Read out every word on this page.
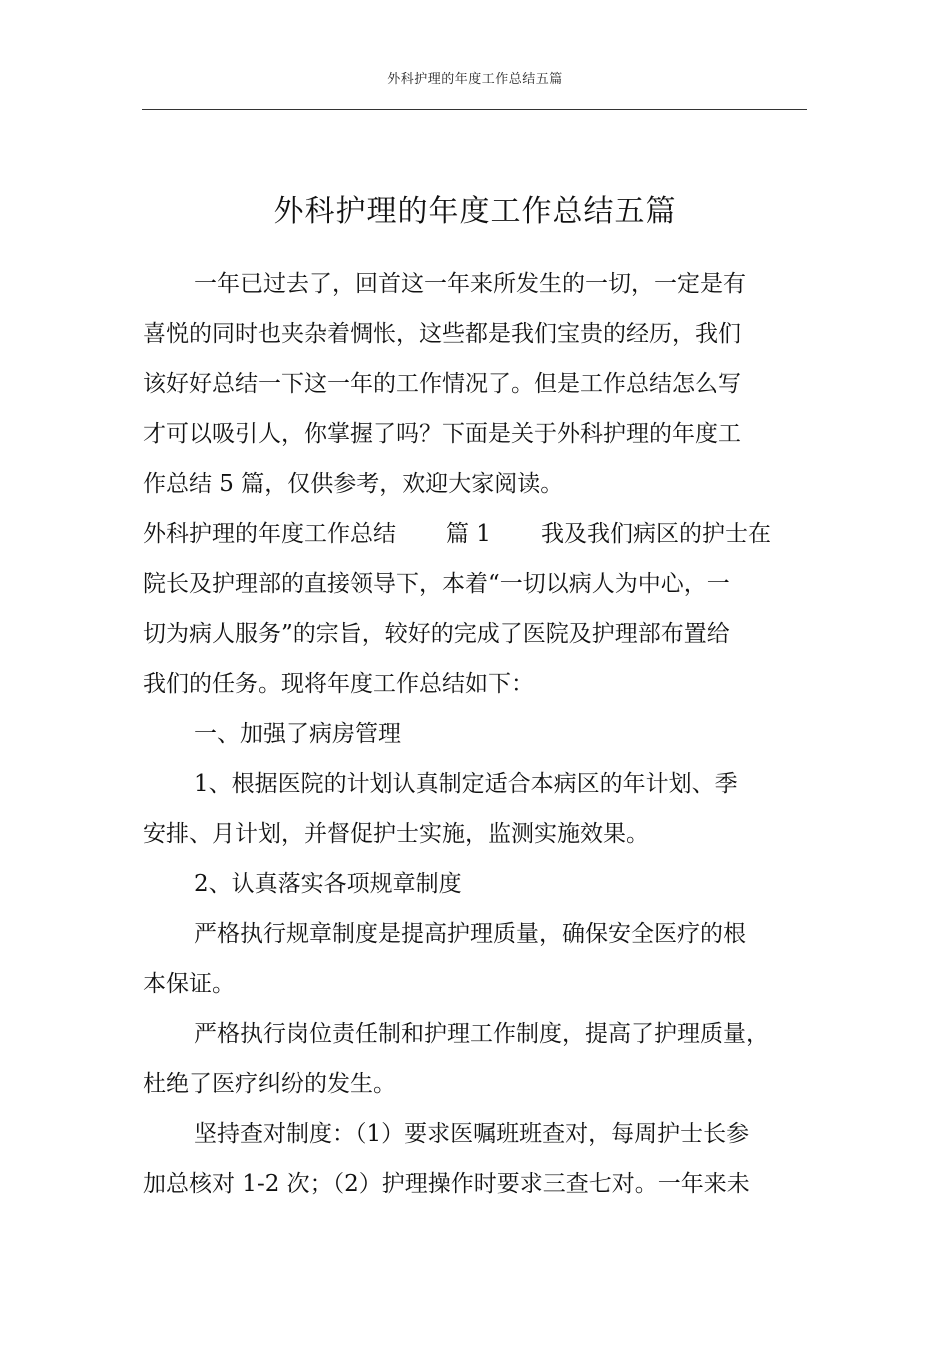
外科护理的年度工作总结五篇
外科护理的年度工作总结五篇
一年已过去了，回首这一年来所发生的一切，一定是有
喜悦的同时也夹杂着惆怅，这些都是我们宝贵的经历，我们
该好好总结一下这一年的工作情况了。但是工作总结怎么写
才可以吸引人，你掌握了吗？下面是关于外科护理的年度工
作总结 5 篇，仅供参考，欢迎大家阅读。
外科护理的年度工作总结 篇 1 我及我们病区的护士在
院长及护理部的直接领导下，本着“一切以病人为中心，一
切为病人服务”的宗旨，较好的完成了医院及护理部布置给
我们的任务。现将年度工作总结如下：
一、加强了病房管理
1、根据医院的计划认真制定适合本病区的年计划、季
安排、月计划，并督促护士实施，监测实施效果。
2、认真落实各项规章制度
严格执行规章制度是提高护理质量，确保安全医疗的根
本保证。
严格执行岗位责任制和护理工作制度，提高了护理质量，
杜绝了医疗纠纷的发生。
坚持查对制度：（1）要求医嘱班班查对，每周护士长参
加总核对 1-2 次；（2）护理操作时要求三查七对。一年来未
